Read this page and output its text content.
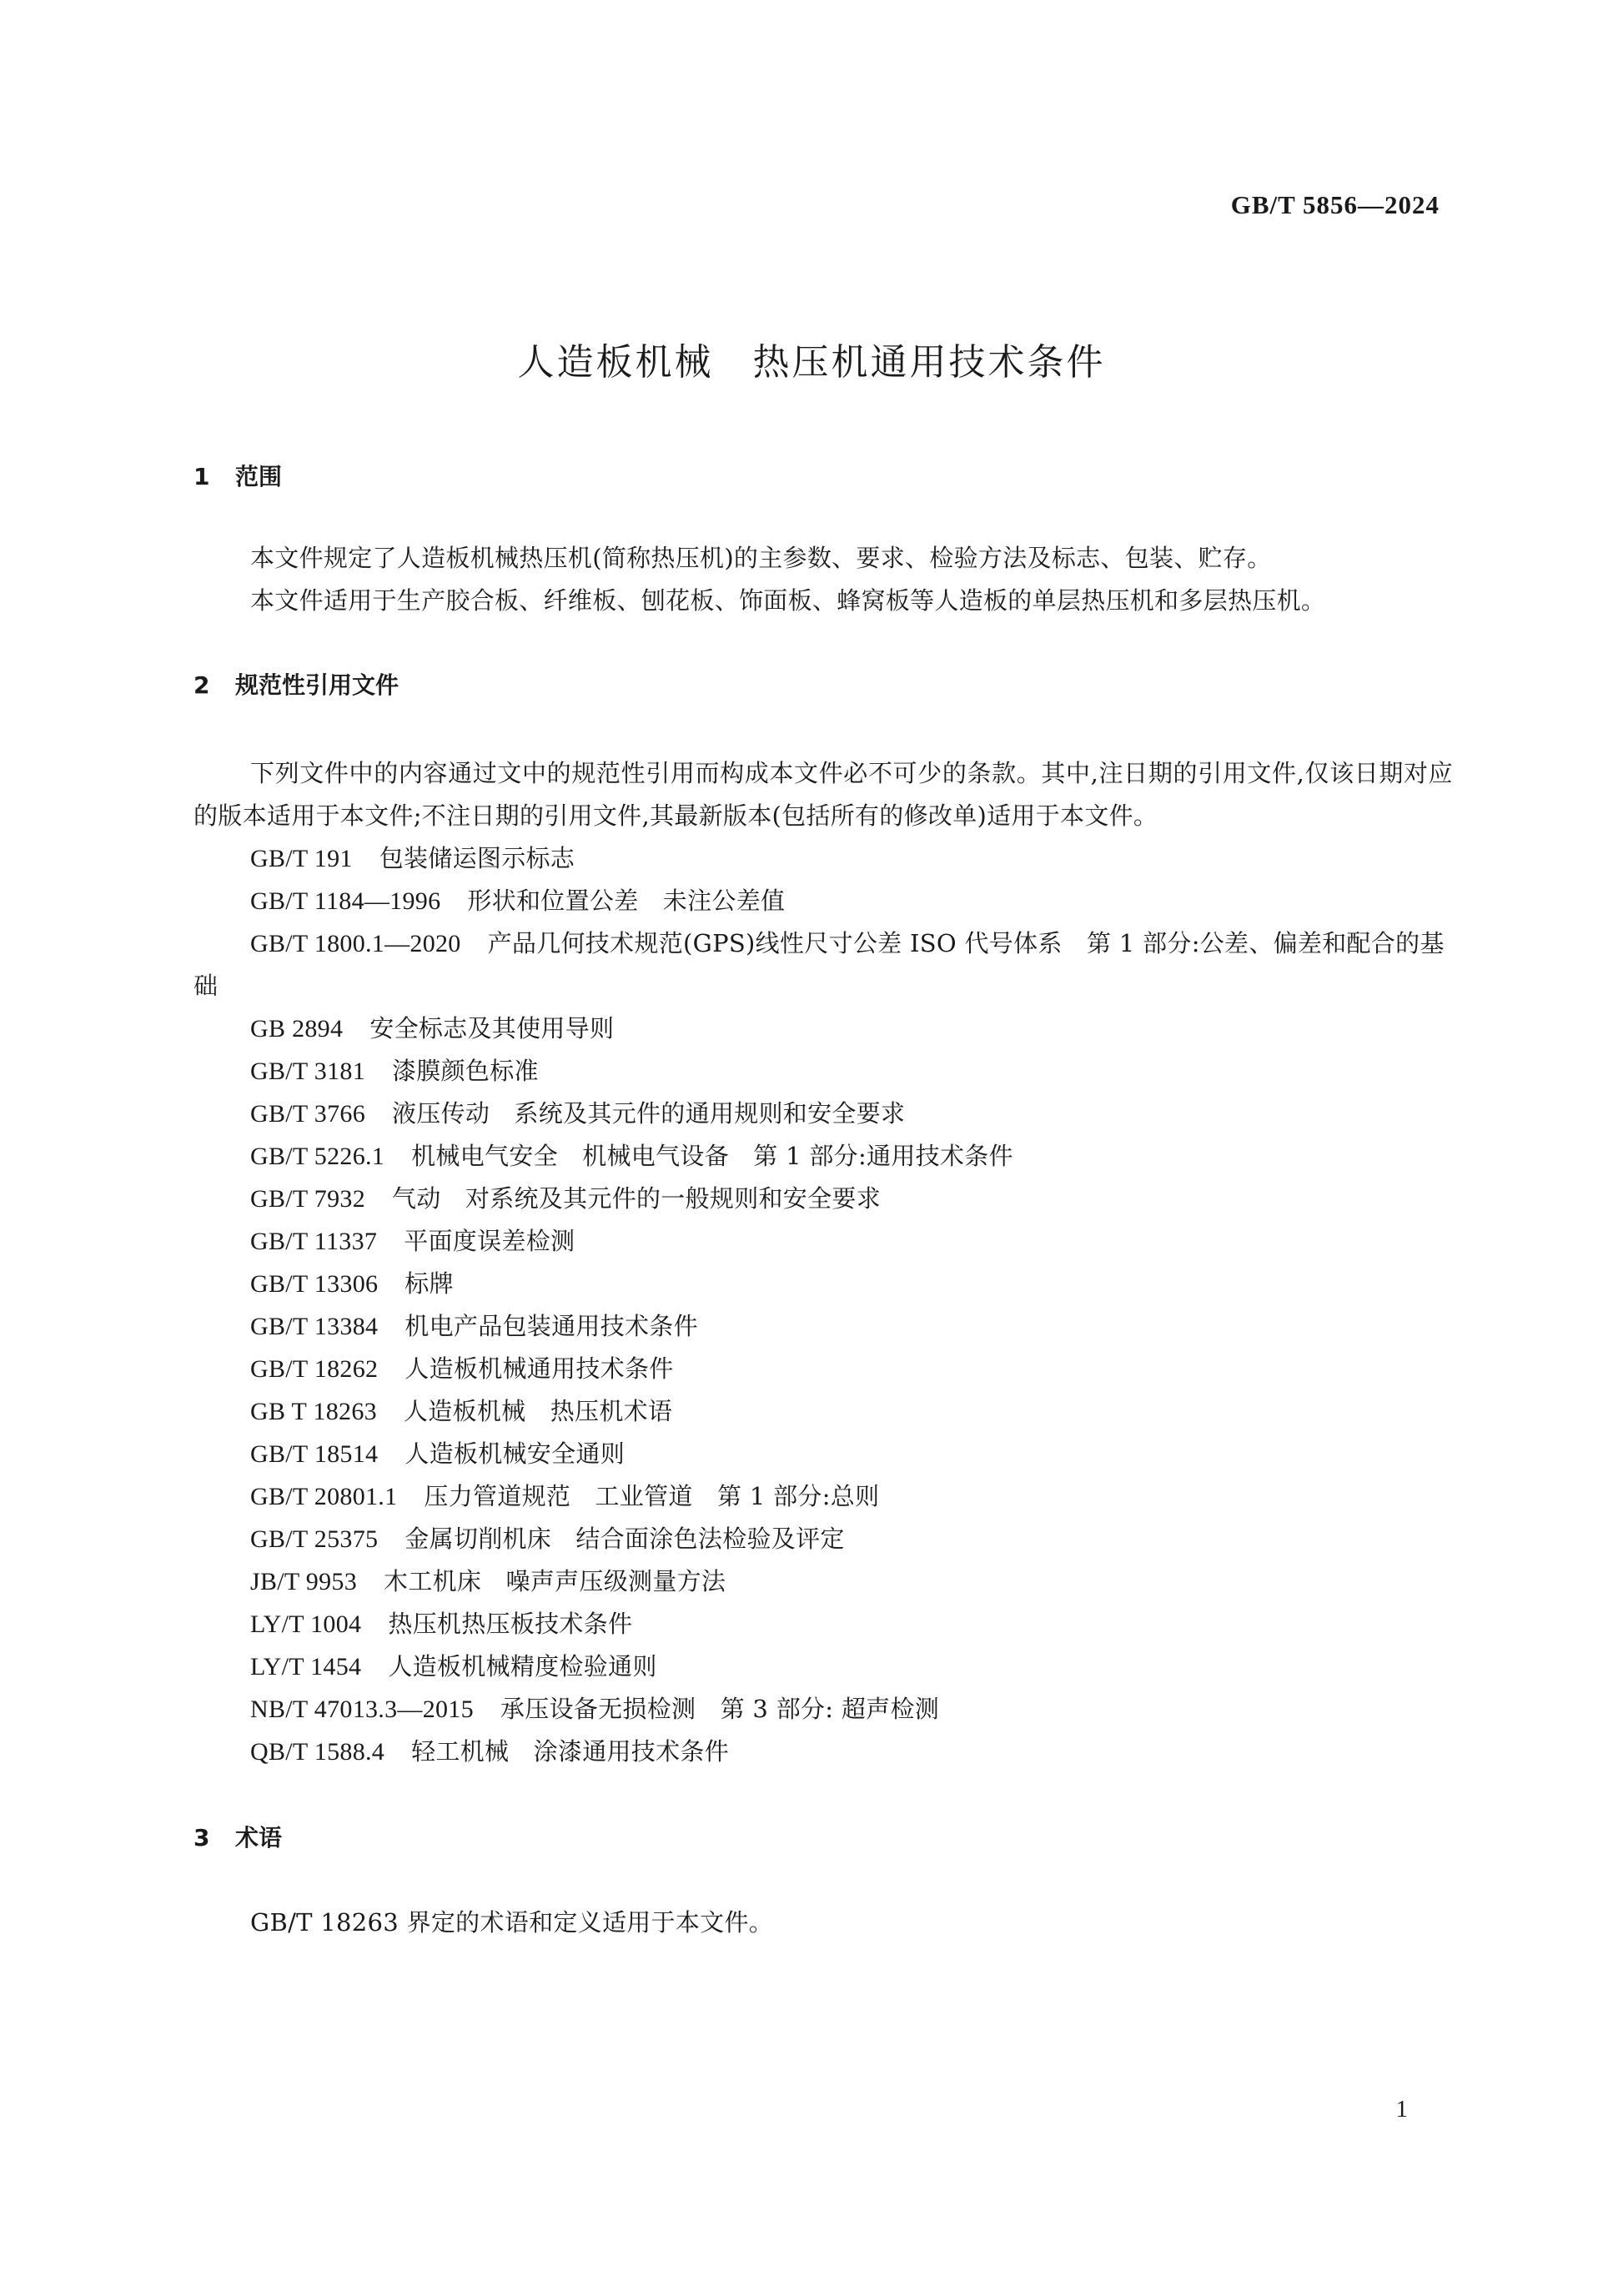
GB/T 5856—2024
人造板机械　热压机通用技术条件
1	范围

本文件规定了人造板机械热压机(简称热压机)的主参数、要求、检验方法及标志、包装、贮存。

本文件适用于生产胶合板、纤维板、刨花板、饰面板、蜂窝板等人造板的单层热压机和多层热压机。

2	规范性引用文件

下列文件中的内容通过文中的规范性引用而构成本文件必不可少的条款。其中,注日期的引用文件,仅该日期对应的版本适用于本文件;不注日期的引用文件,其最新版本(包括所有的修改单)适用于本文件。

GB/T 191 包装储运图示标志
GB/T 1184—1996 形状和位置公差　未注公差值
GB/T 1800.1—2020 产品几何技术规范(GPS)线性尺寸公差 ISO 代号体系　第 1 部分:公差、偏差和配合的基础
GB 2894 安全标志及其使用导则
GB/T 3181 漆膜颜色标准
GB/T 3766 液压传动　系统及其元件的通用规则和安全要求
GB/T 5226.1 机械电气安全　机械电气设备　第 1 部分:通用技术条件
GB/T 7932 气动　对系统及其元件的一般规则和安全要求
GB/T 11337 平面度误差检测
GB/T 13306 标牌
GB/T 13384 机电产品包装通用技术条件
GB/T 18262 人造板机械通用技术条件
GB T 18263 人造板机械　热压机术语
GB/T 18514 人造板机械安全通则
GB/T 20801.1 压力管道规范　工业管道　第 1 部分:总则
GB/T 25375 金属切削机床　结合面涂色法检验及评定
JB/T 9953 木工机床　噪声声压级测量方法
LY/T 1004 热压机热压板技术条件
LY/T 1454 人造板机械精度检验通则
NB/T 47013.3—2015 承压设备无损检测　第 3 部分: 超声检测
QB/T 1588.4 轻工机械　涂漆通用技术条件
3	术语

GB/T 18263 界定的术语和定义适用于本文件。

1
